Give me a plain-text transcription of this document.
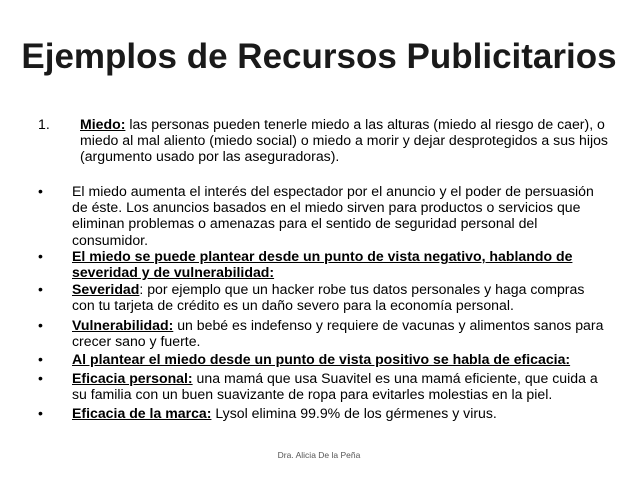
Ejemplos de Recursos Publicitarios
1. Miedo: las personas pueden tenerle miedo a las alturas (miedo al riesgo de caer), o miedo al mal aliento (miedo social) o miedo a morir y dejar desprotegidos a sus hijos (argumento usado por las aseguradoras).
• El miedo aumenta el interés del espectador por el anuncio y el poder de persuasión de éste. Los anuncios basados en el miedo sirven para productos o servicios que eliminan problemas o amenazas para el sentido de seguridad personal del consumidor.
• El miedo se puede plantear desde un punto de vista negativo, hablando de severidad y de vulnerabilidad:
• Severidad: por ejemplo que un hacker robe tus datos personales y haga compras con tu tarjeta de crédito es un daño severo para la economía personal.
• Vulnerabilidad: un bebé es indefenso y requiere de vacunas y alimentos sanos para crecer sano y fuerte.
• Al plantear el miedo desde un punto de vista positivo se habla de eficacia:
• Eficacia personal: una mamá que usa Suavitel es una mamá eficiente, que cuida a su familia con un buen suavizante de ropa para evitarles molestias en la piel.
• Eficacia de la marca: Lysol elimina 99.9% de los gérmenes y virus.
Dra. Alicia De la Peña
